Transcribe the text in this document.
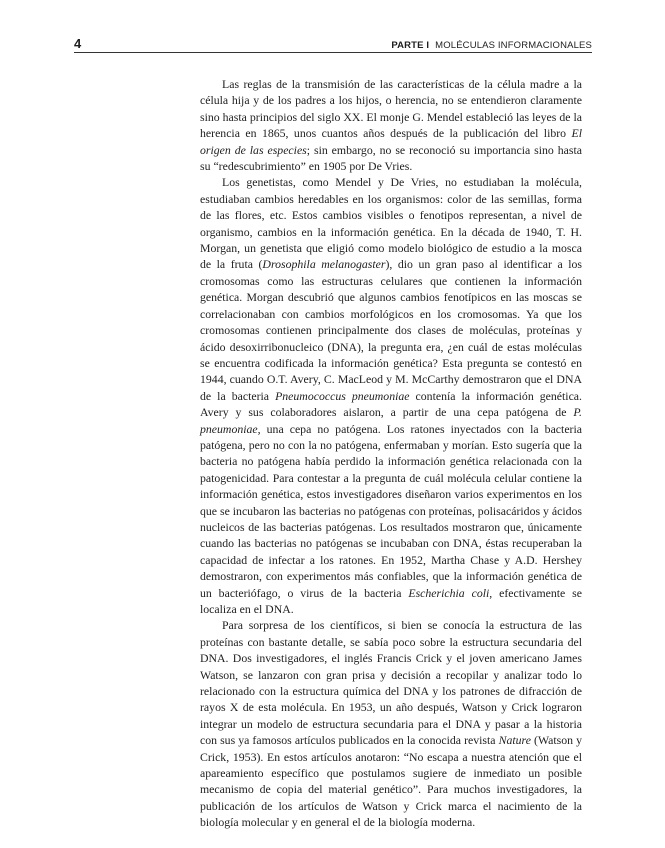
4	PARTE I MOLÉCULAS INFORMACIONALES

Las reglas de la transmisión de las características de la célula madre a la célula hija y de los padres a los hijos, o herencia, no se entendieron claramente sino hasta principios del siglo XX. El monje G. Mendel estableció las leyes de la herencia en 1865, unos cuantos años después de la publicación del libro El origen de las especies; sin embargo, no se reconoció su importancia sino hasta su “redescubrimiento” en 1905 por De Vries.

Los genetistas, como Mendel y De Vries, no estudiaban la molécula, estudiaban cambios heredables en los organismos: color de las semillas, forma de las flores, etc. Estos cambios visibles o fenotipos representan, a nivel de organismo, cambios en la información genética. En la década de 1940, T. H. Morgan, un genetista que eligió como modelo biológico de estudio a la mosca de la fruta (Drosophila melanogaster), dio un gran paso al identificar a los cromosomas como las estructuras celulares que contienen la información genética. Morgan descubrió que algunos cambios fenotípicos en las moscas se correlacionaban con cambios morfológicos en los cromosomas. Ya que los cromosomas contienen principalmente dos clases de moléculas, proteínas y ácido desoxirribonucleico (DNA), la pregunta era, ¿en cuál de estas moléculas se encuentra codificada la información genética? Esta pregunta se contestó en 1944, cuando O.T. Avery, C. MacLeod y M. McCarthy demostraron que el DNA de la bacteria Pneumococcus pneumoniae contenía la información genética. Avery y sus colaboradores aislaron, a partir de una cepa patógena de P. pneumoniae, una cepa no patógena. Los ratones inyectados con la bacteria patógena, pero no con la no patógena, enfermaban y morían. Esto sugería que la bacteria no patógena había perdido la información genética relacionada con la patogenicidad. Para contestar a la pregunta de cuál molécula celular contiene la información genética, estos investigadores diseñaron varios experimentos en los que se incubaron las bacterias no patógenas con proteínas, polisacáridos y ácidos nucleicos de las bacterias patógenas. Los resultados mostraron que, únicamente cuando las bacterias no patógenas se incubaban con DNA, éstas recuperaban la capacidad de infectar a los ratones. En 1952, Martha Chase y A.D. Hershey demostraron, con experimentos más confiables, que la información genética de un bacteriófago, o virus de la bacteria Escherichia coli, efectivamente se localiza en el DNA.

Para sorpresa de los científicos, si bien se conocía la estructura de las proteínas con bastante detalle, se sabía poco sobre la estructura secundaria del DNA. Dos investigadores, el inglés Francis Crick y el joven americano James Watson, se lanzaron con gran prisa y decisión a recopilar y analizar todo lo relacionado con la estructura química del DNA y los patrones de difracción de rayos X de esta molécula. En 1953, un año después, Watson y Crick lograron integrar un modelo de estructura secundaria para el DNA y pasar a la historia con sus ya famosos artículos publicados en la conocida revista Nature (Watson y Crick, 1953). En estos artículos anotaron: “No escapa a nuestra atención que el apareamiento específico que postulamos sugiere de inmediato un posible mecanismo de copia del material genético”. Para muchos investigadores, la publicación de los artículos de Watson y Crick marca el nacimiento de la biología molecular y en general el de la biología moderna.
